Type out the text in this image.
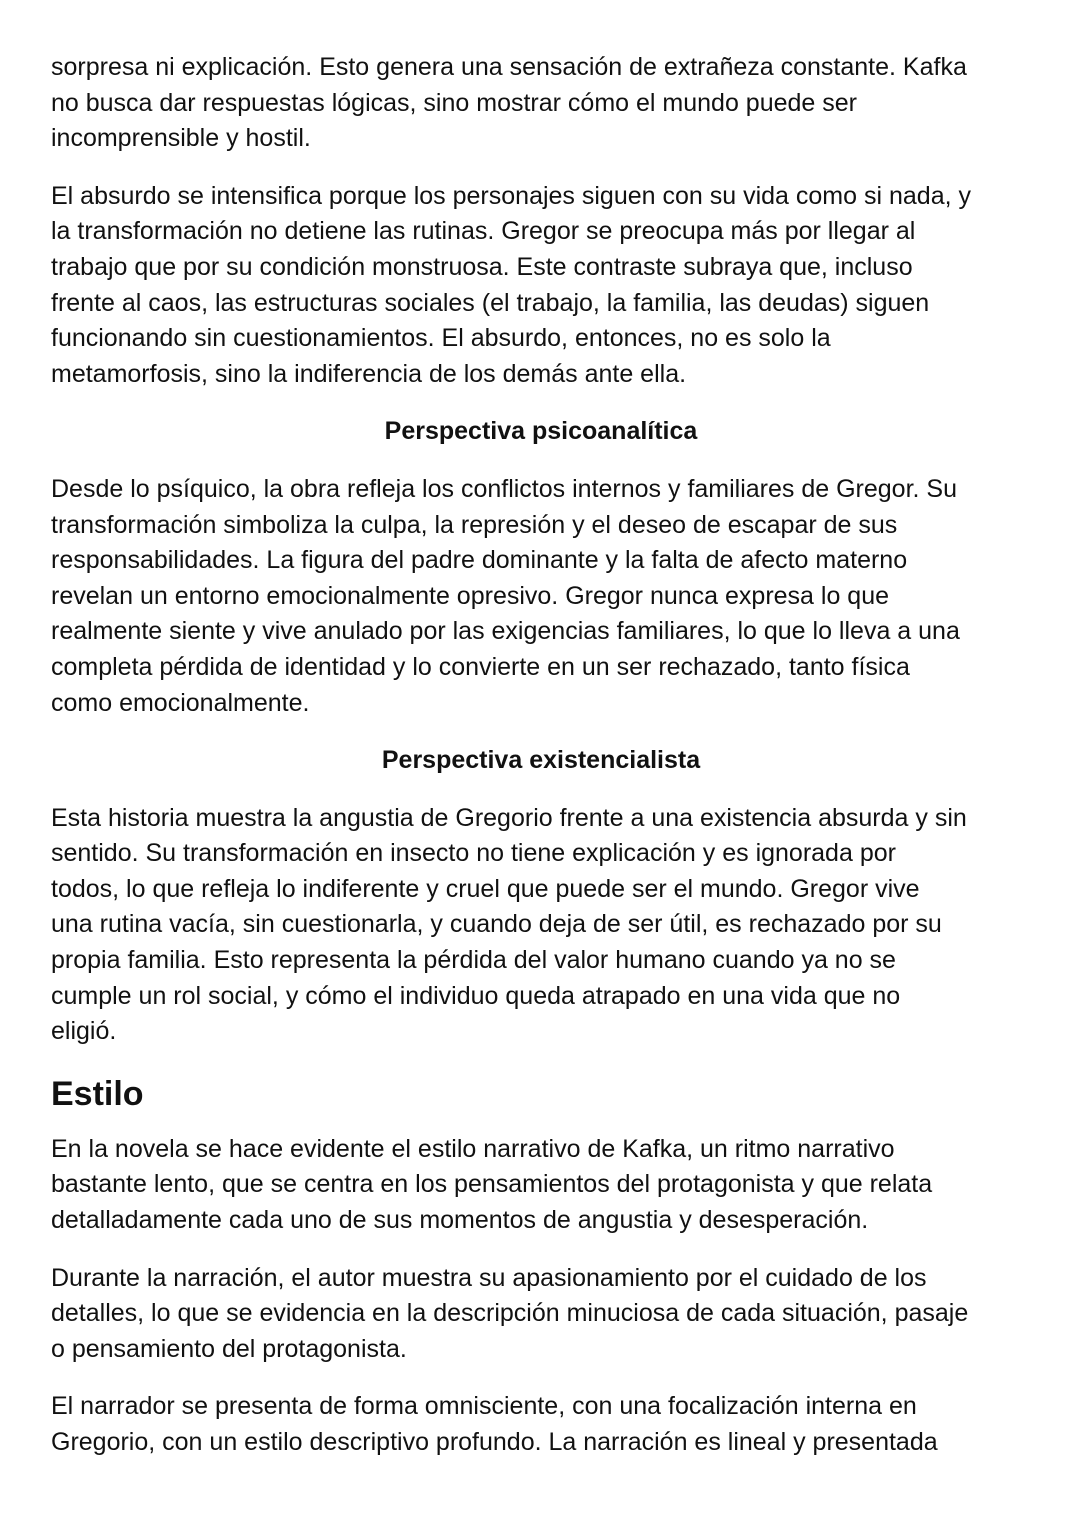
sorpresa ni explicación. Esto genera una sensación de extrañeza constante. Kafka
no busca dar respuestas lógicas, sino mostrar cómo el mundo puede ser
incomprensible y hostil.

El absurdo se intensifica porque los personajes siguen con su vida como si nada, y
la transformación no detiene las rutinas. Gregor se preocupa más por llegar al
trabajo que por su condición monstruosa. Este contraste subraya que, incluso
frente al caos, las estructuras sociales (el trabajo, la familia, las deudas) siguen
funcionando sin cuestionamientos. El absurdo, entonces, no es solo la
metamorfosis, sino la indiferencia de los demás ante ella.

Perspectiva psicoanalítica

Desde lo psíquico, la obra refleja los conflictos internos y familiares de Gregor. Su
transformación simboliza la culpa, la represión y el deseo de escapar de sus
responsabilidades. La figura del padre dominante y la falta de afecto materno
revelan un entorno emocionalmente opresivo. Gregor nunca expresa lo que
realmente siente y vive anulado por las exigencias familiares, lo que lo lleva a una
completa pérdida de identidad y lo convierte en un ser rechazado, tanto física
como emocionalmente.

Perspectiva existencialista

Esta historia muestra la angustia de Gregorio frente a una existencia absurda y sin
sentido. Su transformación en insecto no tiene explicación y es ignorada por
todos, lo que refleja lo indiferente y cruel que puede ser el mundo. Gregor vive
una rutina vacía, sin cuestionarla, y cuando deja de ser útil, es rechazado por su
propia familia. Esto representa la pérdida del valor humano cuando ya no se
cumple un rol social, y cómo el individuo queda atrapado en una vida que no
eligió.

Estilo

En la novela se hace evidente el estilo narrativo de Kafka, un ritmo narrativo
bastante lento, que se centra en los pensamientos del protagonista y que relata
detalladamente cada uno de sus momentos de angustia y desesperación.

Durante la narración, el autor muestra su apasionamiento por el cuidado de los
detalles, lo que se evidencia en la descripción minuciosa de cada situación, pasaje
o pensamiento del protagonista.

El narrador se presenta de forma omnisciente, con una focalización interna en
Gregorio, con un estilo descriptivo profundo. La narración es lineal y presentada
